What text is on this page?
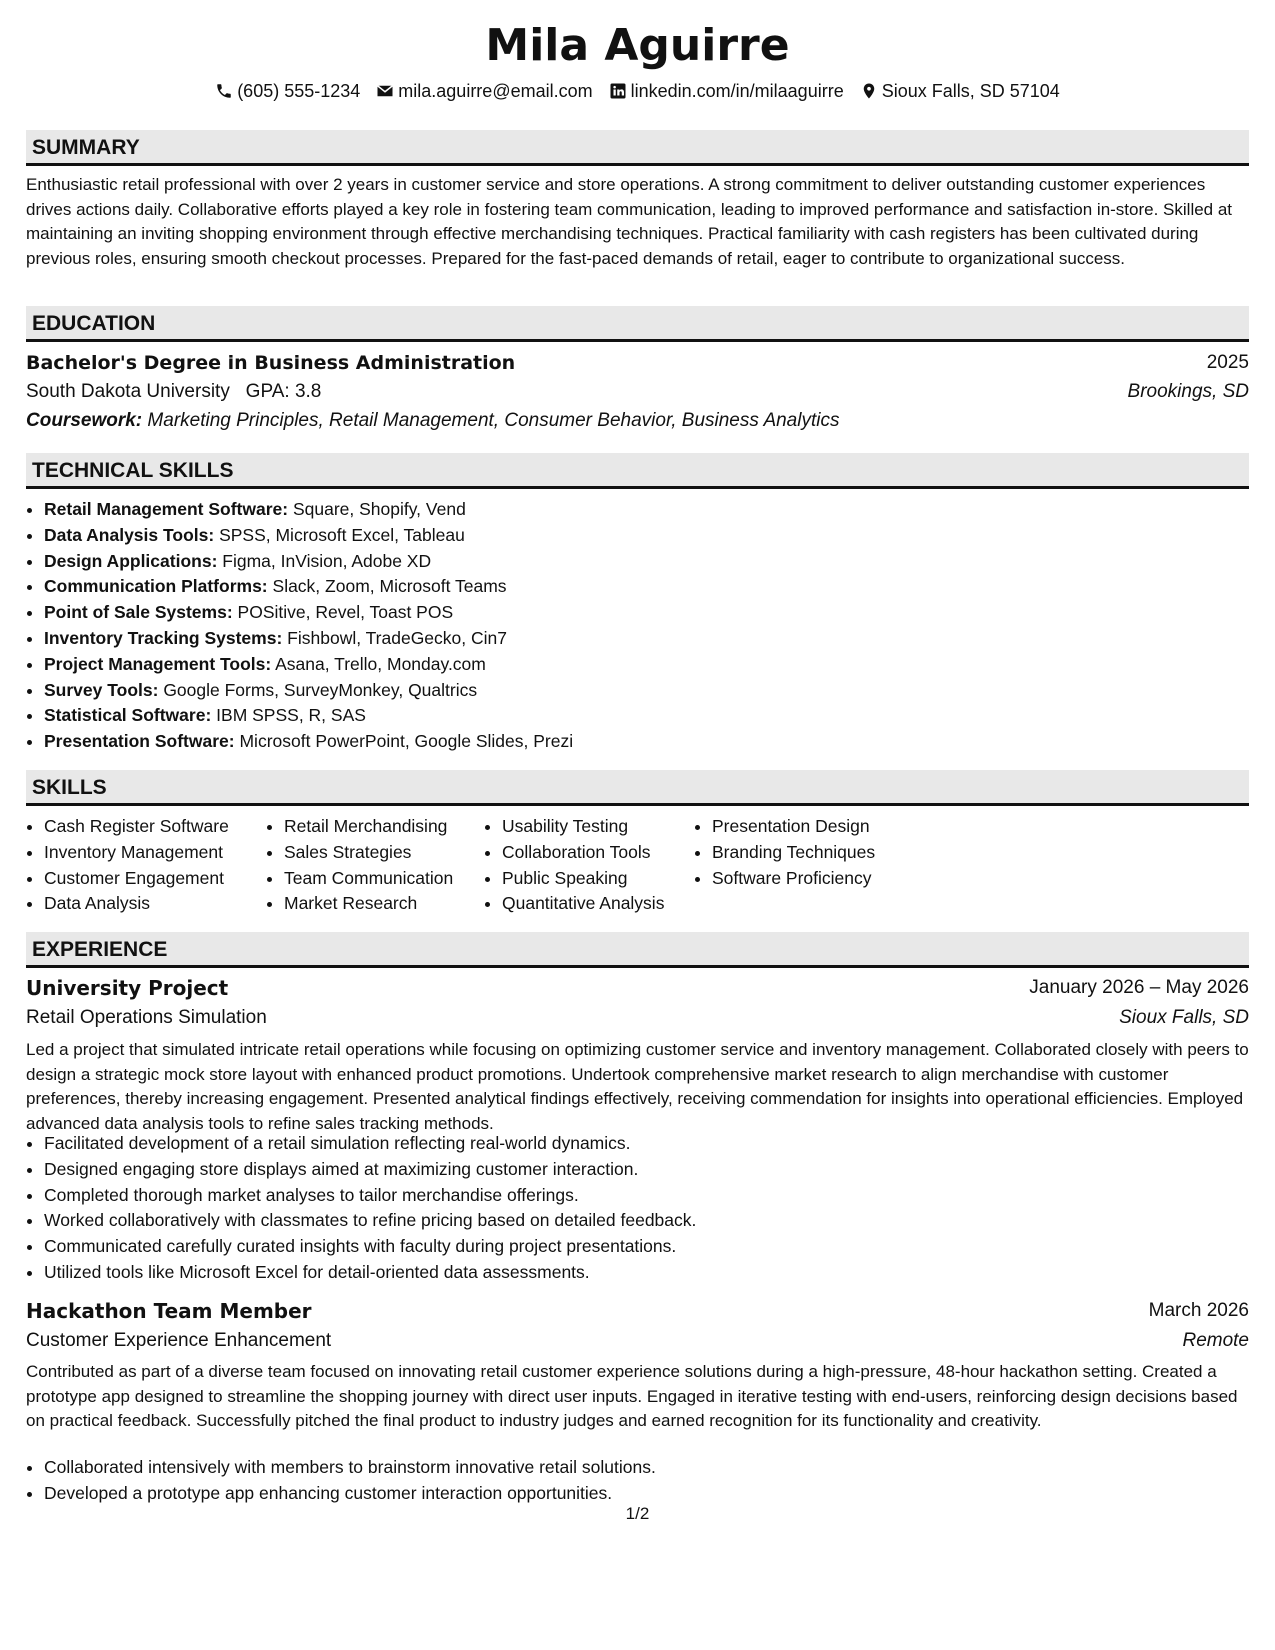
Mila Aguirre
(605) 555-1234 mila.aguirre@email.com linkedin.com/in/milaaguirre Sioux Falls, SD 57104
SUMMARY
Enthusiastic retail professional with over 2 years in customer service and store operations. A strong commitment to deliver outstanding customer experiences drives actions daily. Collaborative efforts played a key role in fostering team communication, leading to improved performance and satisfaction in-store. Skilled at maintaining an inviting shopping environment through effective merchandising techniques. Practical familiarity with cash registers has been cultivated during previous roles, ensuring smooth checkout processes. Prepared for the fast-paced demands of retail, eager to contribute to organizational success.
EDUCATION
Bachelor's Degree in Business Administration	2025
South Dakota University GPA: 3.8	Brookings, SD
Coursework: Marketing Principles, Retail Management, Consumer Behavior, Business Analytics
TECHNICAL SKILLS
• Retail Management Software: Square, Shopify, Vend
• Data Analysis Tools: SPSS, Microsoft Excel, Tableau
• Design Applications: Figma, InVision, Adobe XD
• Communication Platforms: Slack, Zoom, Microsoft Teams
• Point of Sale Systems: POSitive, Revel, Toast POS
• Inventory Tracking Systems: Fishbowl, TradeGecko, Cin7
• Project Management Tools: Asana, Trello, Monday.com
• Survey Tools: Google Forms, SurveyMonkey, Qualtrics
• Statistical Software: IBM SPSS, R, SAS
• Presentation Software: Microsoft PowerPoint, Google Slides, Prezi
SKILLS
• Cash Register Software
• Inventory Management
• Customer Engagement
• Data Analysis
• Retail Merchandising
• Sales Strategies
• Team Communication
• Market Research
• Usability Testing
• Collaboration Tools
• Public Speaking
• Quantitative Analysis
• Presentation Design
• Branding Techniques
• Software Proficiency
EXPERIENCE
University Project	January 2026 – May 2026
Retail Operations Simulation	Sioux Falls, SD
Led a project that simulated intricate retail operations while focusing on optimizing customer service and inventory management. Collaborated closely with peers to design a strategic mock store layout with enhanced product promotions. Undertook comprehensive market research to align merchandise with customer preferences, thereby increasing engagement. Presented analytical findings effectively, receiving commendation for insights into operational efficiencies. Employed advanced data analysis tools to refine sales tracking methods.
• Facilitated development of a retail simulation reflecting real-world dynamics.
• Designed engaging store displays aimed at maximizing customer interaction.
• Completed thorough market analyses to tailor merchandise offerings.
• Worked collaboratively with classmates to refine pricing based on detailed feedback.
• Communicated carefully curated insights with faculty during project presentations.
• Utilized tools like Microsoft Excel for detail-oriented data assessments.
Hackathon Team Member	March 2026
Customer Experience Enhancement	Remote
Contributed as part of a diverse team focused on innovating retail customer experience solutions during a high-pressure, 48-hour hackathon setting. Created a prototype app designed to streamline the shopping journey with direct user inputs. Engaged in iterative testing with end-users, reinforcing design decisions based on practical feedback. Successfully pitched the final product to industry judges and earned recognition for its functionality and creativity.
• Collaborated intensively with members to brainstorm innovative retail solutions.
• Developed a prototype app enhancing customer interaction opportunities.
1/2
